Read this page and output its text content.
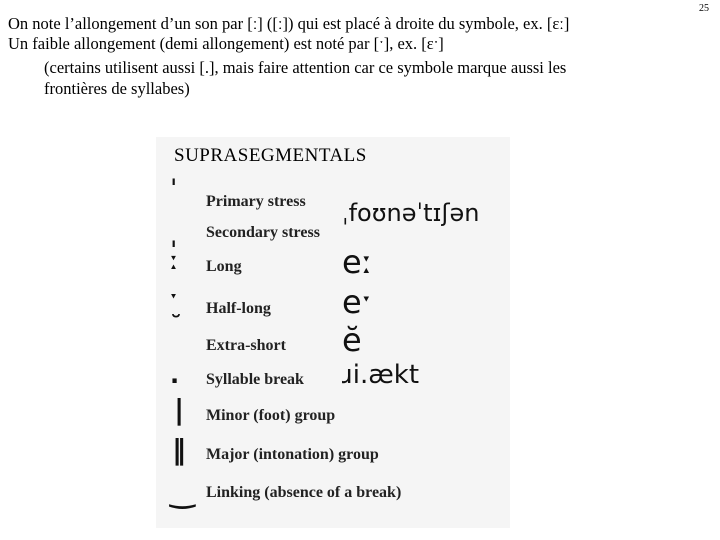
25
On note l’allongement d’un son par [ː] ([ː]) qui est placé à droite du symbole, ex. [ɛː]
Un faible allongement (demi allongement) est noté par [ˑ], ex. [ɛˑ]
(certains utilisent aussi [.], mais faire attention car ce symbole marque aussi les
frontières de syllabes)
SUPRASEGMENTALS
ˈ Primary stress ˌfoʊnəˈtɪʃən
ˌ Secondary stress
ː Long	eː
ˑ Half-long eˑ
˘
Extra-short ĕ
. Syllable break ɹi.ækt
| Minor (foot) group
‖ Major (intonation) group
‿ Linking (absence of a break)
